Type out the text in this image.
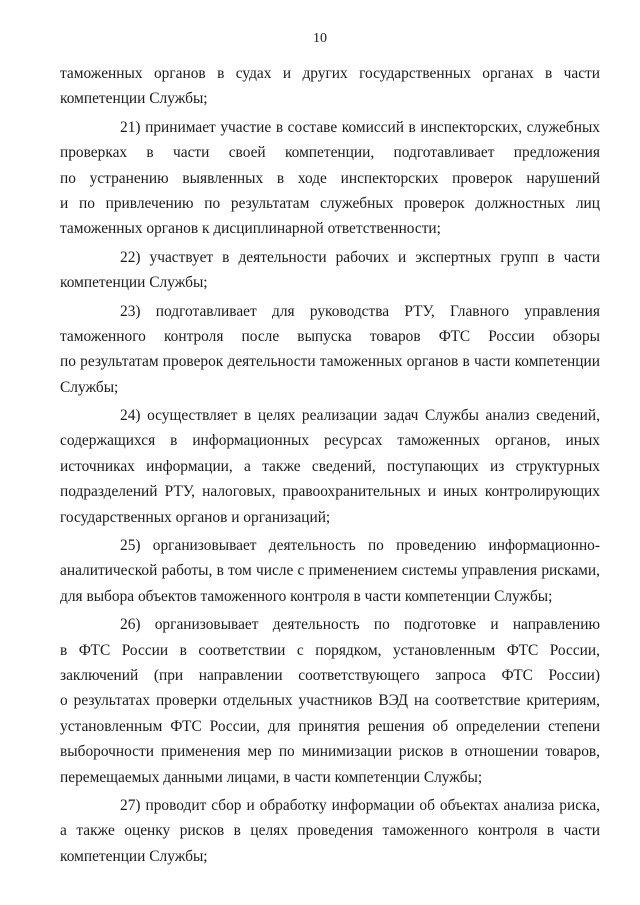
10
таможенных органов в судах и других государственных органах в части
компетенции Службы;
21) принимает участие в составе комиссий в инспекторских, служебных
проверках в части своей компетенции, подготавливает предложения
по устранению выявленных в ходе инспекторских проверок нарушений
и по привлечению по результатам служебных проверок должностных лиц
таможенных органов к дисциплинарной ответственности;
22) участвует в деятельности рабочих и экспертных групп в части
компетенции Службы;
23) подготавливает для руководства РТУ, Главного управления
таможенного контроля после выпуска товаров ФТС России обзоры
по результатам проверок деятельности таможенных органов в части компетенции
Службы;
24) осуществляет в целях реализации задач Службы анализ сведений,
содержащихся в информационных ресурсах таможенных органов, иных
источниках информации, а также сведений, поступающих из структурных
подразделений РТУ, налоговых, правоохранительных и иных контролирующих
государственных органов и организаций;
25) организовывает деятельность по проведению информационно-
аналитической работы, в том числе с применением системы управления рисками,
для выбора объектов таможенного контроля в части компетенции Службы;
26) организовывает деятельность по подготовке и направлению
в ФТС России в соответствии с порядком, установленным ФТС России,
заключений (при направлении соответствующего запроса ФТС России)
о результатах проверки отдельных участников ВЭД на соответствие критериям,
установленным ФТС России, для принятия решения об определении степени
выборочности применения мер по минимизации рисков в отношении товаров,
перемещаемых данными лицами, в части компетенции Службы;
27) проводит сбор и обработку информации об объектах анализа риска,
а также оценку рисков в целях проведения таможенного контроля в части
компетенции Службы;
